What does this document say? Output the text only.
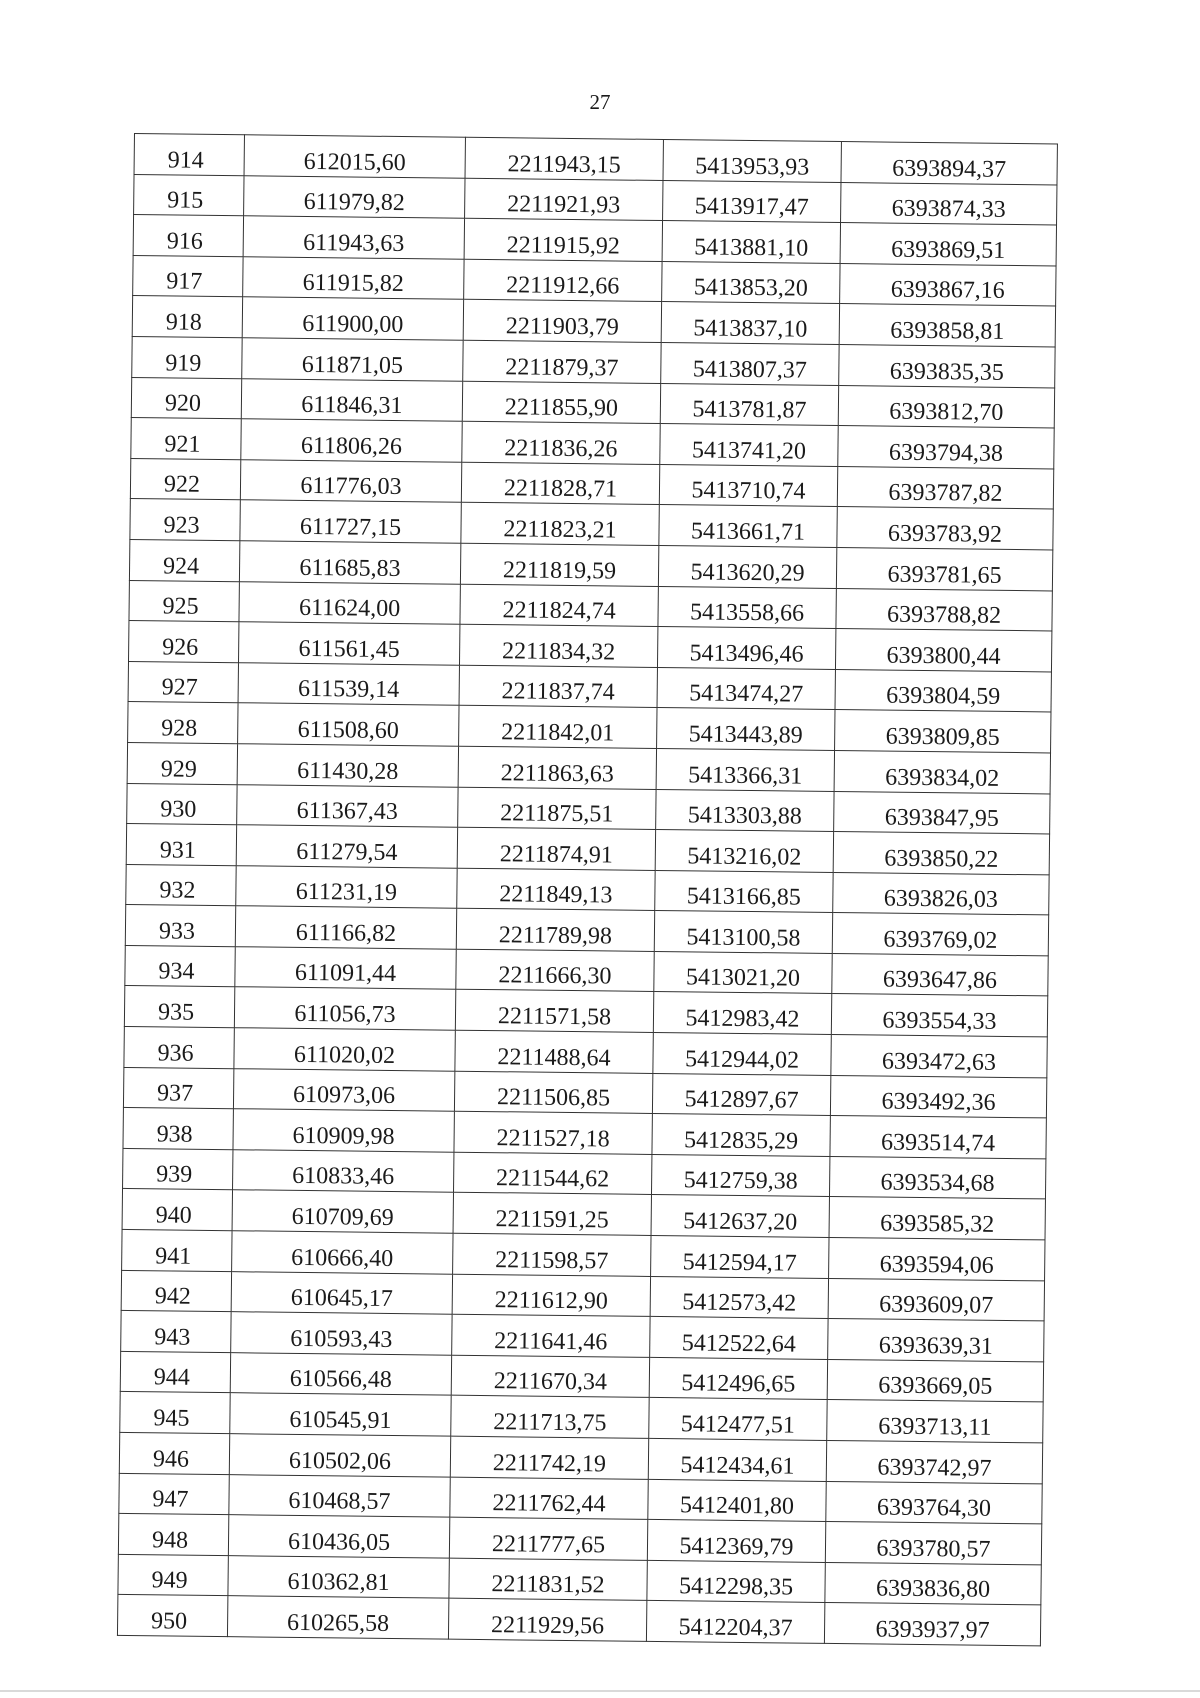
27
914	612015,60	2211943,15	5413953,93	6393894,37
915	611979,82	2211921,93	5413917,47	6393874,33
916	611943,63	2211915,92	5413881,10	6393869,51
917	611915,82	2211912,66	5413853,20	6393867,16
918	611900,00	2211903,79	5413837,10	6393858,81
919	611871,05	2211879,37	5413807,37	6393835,35
920	611846,31	2211855,90	5413781,87	6393812,70
921	611806,26	2211836,26	5413741,20	6393794,38
922	611776,03	2211828,71	5413710,74	6393787,82
923	611727,15	2211823,21	5413661,71	6393783,92
924	611685,83	2211819,59	5413620,29	6393781,65
925	611624,00	2211824,74	5413558,66	6393788,82
926	611561,45	2211834,32	5413496,46	6393800,44
927	611539,14	2211837,74	5413474,27	6393804,59
928	611508,60	2211842,01	5413443,89	6393809,85
929	611430,28	2211863,63	5413366,31	6393834,02
930	611367,43	2211875,51	5413303,88	6393847,95
931	611279,54	2211874,91	5413216,02	6393850,22
932	611231,19	2211849,13	5413166,85	6393826,03
933	611166,82	2211789,98	5413100,58	6393769,02
934	611091,44	2211666,30	5413021,20	6393647,86
935	611056,73	2211571,58	5412983,42	6393554,33
936	611020,02	2211488,64	5412944,02	6393472,63
937	610973,06	2211506,85	5412897,67	6393492,36
938	610909,98	2211527,18	5412835,29	6393514,74
939	610833,46	2211544,62	5412759,38	6393534,68
940	610709,69	2211591,25	5412637,20	6393585,32
941	610666,40	2211598,57	5412594,17	6393594,06
942	610645,17	2211612,90	5412573,42	6393609,07
943	610593,43	2211641,46	5412522,64	6393639,31
944	610566,48	2211670,34	5412496,65	6393669,05
945	610545,91	2211713,75	5412477,51	6393713,11
946	610502,06	2211742,19	5412434,61	6393742,97
947	610468,57	2211762,44	5412401,80	6393764,30
948	610436,05	2211777,65	5412369,79	6393780,57
949	610362,81	2211831,52	5412298,35	6393836,80
950	610265,58	2211929,56	5412204,37	6393937,97
